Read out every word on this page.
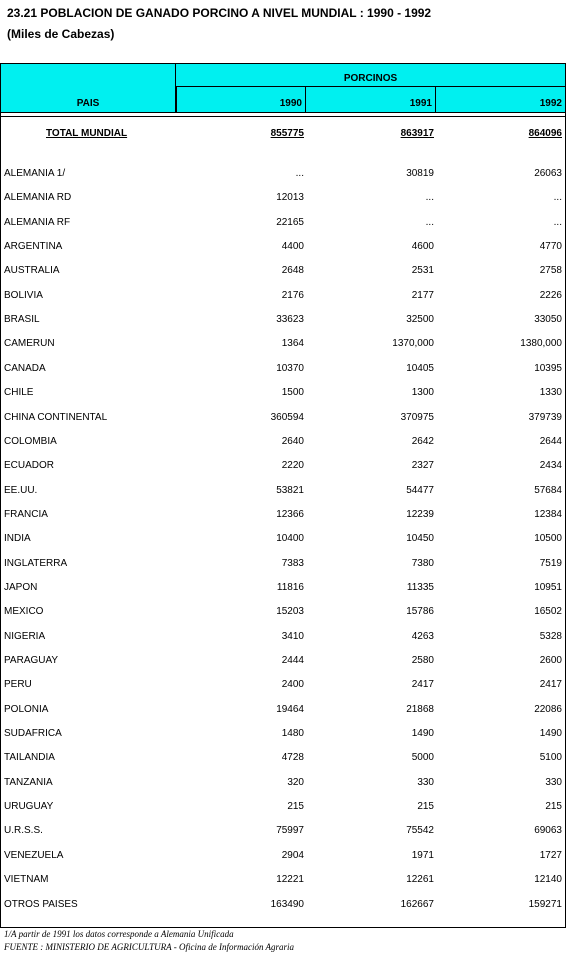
23.21 POBLACION DE GANADO PORCINO A NIVEL MUNDIAL : 1990 - 1992
(Miles de Cabezas)
PAIS
PORCINOS
1990	1991	1992
TOTAL MUNDIAL	855775	863917	864096
ALEMANIA 1/	...	30819	26063
ALEMANIA RD	12013	...	...
ALEMANIA RF	22165	...	...
ARGENTINA	4400	4600	4770
AUSTRALIA	2648	2531	2758
BOLIVIA	2176	2177	2226
BRASIL	33623	32500	33050
CAMERUN	1364	1370,000	1380,000
CANADA	10370	10405	10395
CHILE	1500	1300	1330
CHINA CONTINENTAL	360594	370975	379739
COLOMBIA	2640	2642	2644
ECUADOR	2220	2327	2434
EE.UU.	53821	54477	57684
FRANCIA	12366	12239	12384
INDIA	10400	10450	10500
INGLATERRA	7383	7380	7519
JAPON	11816	11335	10951
MEXICO	15203	15786	16502
NIGERIA	3410	4263	5328
PARAGUAY	2444	2580	2600
PERU	2400	2417	2417
POLONIA	19464	21868	22086
SUDAFRICA	1480	1490	1490
TAILANDIA	4728	5000	5100
TANZANIA	320	330	330
URUGUAY	215	215	215
U.R.S.S.	75997	75542	69063
VENEZUELA	2904	1971	1727
VIETNAM	12221	12261	12140
OTROS PAISES	163490	162667	159271
1/A partir de 1991 los datos corresponde a Alemania Unificada
FUENTE : MINISTERIO DE AGRICULTURA - Oficina de Información Agraria
